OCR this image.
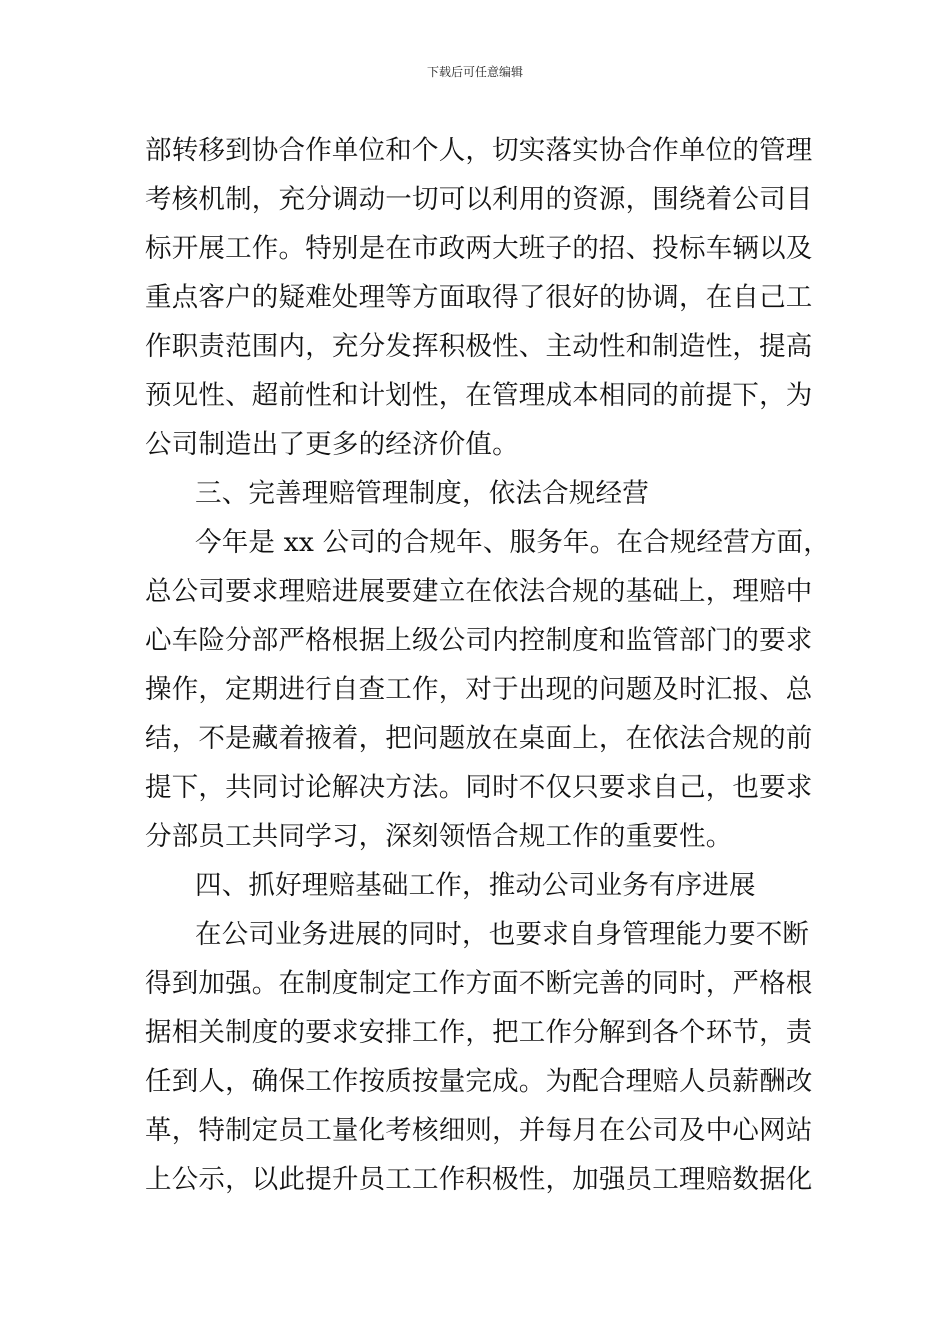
下载后可任意编辑
部转移到协合作单位和个人，切实落实协合作单位的管理
考核机制，充分调动一切可以利用的资源，围绕着公司目
标开展工作。特别是在市政两大班子的招、投标车辆以及
重点客户的疑难处理等方面取得了很好的协调，在自己工
作职责范围内，充分发挥积极性、主动性和制造性，提高
预见性、超前性和计划性，在管理成本相同的前提下，为
公司制造出了更多的经济价值。
三、完善理赔管理制度，依法合规经营
今年是 xx 公司的合规年、服务年。在合规经营方面，
总公司要求理赔进展要建立在依法合规的基础上，理赔中
心车险分部严格根据上级公司内控制度和监管部门的要求
操作，定期进行自查工作，对于出现的问题及时汇报、总
结，不是藏着掖着，把问题放在桌面上，在依法合规的前
提下，共同讨论解决方法。同时不仅只要求自己，也要求
分部员工共同学习，深刻领悟合规工作的重要性。
四、抓好理赔基础工作，推动公司业务有序进展
在公司业务进展的同时，也要求自身管理能力要不断
得到加强。在制度制定工作方面不断完善的同时，严格根
据相关制度的要求安排工作，把工作分解到各个环节，责
任到人，确保工作按质按量完成。为配合理赔人员薪酬改
革，特制定员工量化考核细则，并每月在公司及中心网站
上公示，以此提升员工工作积极性，加强员工理赔数据化
